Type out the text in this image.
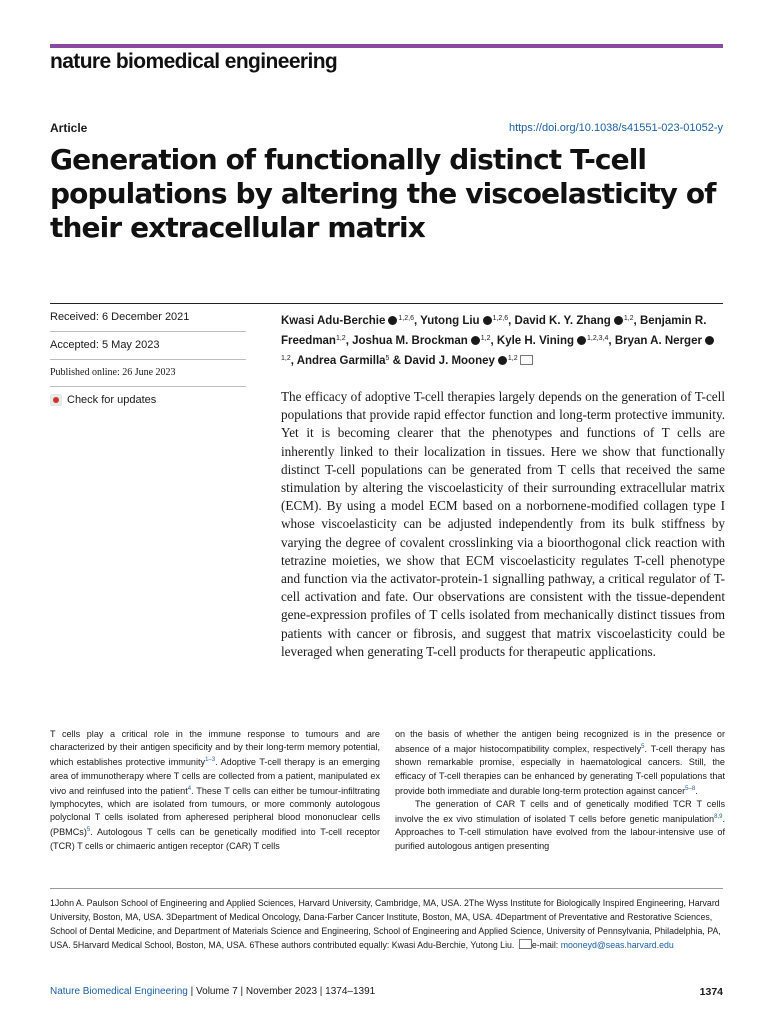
nature biomedical engineering
Article	https://doi.org/10.1038/s41551-023-01052-y
Generation of functionally distinct T-cell populations by altering the viscoelasticity of their extracellular matrix
Received: 6 December 2021
Accepted: 5 May 2023
Published online: 26 June 2023
Check for updates
Kwasi Adu-Berchie $^{1,2,6}$, Yutong Liu $^{1,2,6}$, David K. Y. Zhang $^{1,2}$, Benjamin R. Freedman$^{1,2}$, Joshua M. Brockman $^{1,2}$, Kyle H. Vining $^{1,2,3,4}$, Bryan A. Nerger$^{1,2}$, Andrea Garmilla$^5$ & David J. Mooney $^{1,2}$
The efficacy of adoptive T-cell therapies largely depends on the generation of T-cell populations that provide rapid effector function and long-term protective immunity. Yet it is becoming clearer that the phenotypes and functions of T cells are inherently linked to their localization in tissues. Here we show that functionally distinct T-cell populations can be generated from T cells that received the same stimulation by altering the viscoelasticity of their surrounding extracellular matrix (ECM). By using a model ECM based on a norbornene-modified collagen type I whose viscoelasticity can be adjusted independently from its bulk stiffness by varying the degree of covalent crosslinking via a bioorthogonal click reaction with tetrazine moieties, we show that ECM viscoelasticity regulates T-cell phenotype and function via the activator-protein-1 signalling pathway, a critical regulator of T-cell activation and fate. Our observations are consistent with the tissue-dependent gene-expression profiles of T cells isolated from mechanically distinct tissues from patients with cancer or fibrosis, and suggest that matrix viscoelasticity could be leveraged when generating T-cell products for therapeutic applications.
T cells play a critical role in the immune response to tumours and are characterized by their antigen specificity and by their long-term memory potential, which establishes protective immunity$^{1-3}$. Adoptive T-cell therapy is an emerging area of immunotherapy where T cells are collected from a patient, manipulated ex vivo and reinfused into the patient$^4$. These T cells can either be tumour-infiltrating lymphocytes, which are isolated from tumours, or more commonly autologous polyclonal T cells isolated from apheresed peripheral blood mononuclear cells (PBMCs)$^5$. Autologous T cells can be genetically modified into T-cell receptor (TCR) T cells or chimaeric antigen receptor (CAR) T cells
on the basis of whether the antigen being recognized is in the presence or absence of a major histocompatibility complex, respectively$^5$. T-cell therapy has shown remarkable promise, especially in haematological cancers. Still, the efficacy of T-cell therapies can be enhanced by generating T-cell populations that provide both immediate and durable long-term protection against cancer$^{5-8}$.
The generation of CAR T cells and of genetically modified TCR T cells involve the ex vivo stimulation of isolated T cells before genetic manipulation$^{8,9}$. Approaches to T-cell stimulation have evolved from the labour-intensive use of purified autologous antigen presenting
1John A. Paulson School of Engineering and Applied Sciences, Harvard University, Cambridge, MA, USA. 2The Wyss Institute for Biologically Inspired Engineering, Harvard University, Boston, MA, USA. 3Department of Medical Oncology, Dana-Farber Cancer Institute, Boston, MA, USA. 4Department of Preventative and Restorative Sciences, School of Dental Medicine, and Department of Materials Science and Engineering, School of Engineering and Applied Science, University of Pennsylvania, Philadelphia, PA, USA. 5Harvard Medical School, Boston, MA, USA. 6These authors contributed equally: Kwasi Adu-Berchie, Yutong Liu. e-mail: mooneyd@seas.harvard.edu
Nature Biomedical Engineering | Volume 7 | November 2023 | 1374–1391	1374
